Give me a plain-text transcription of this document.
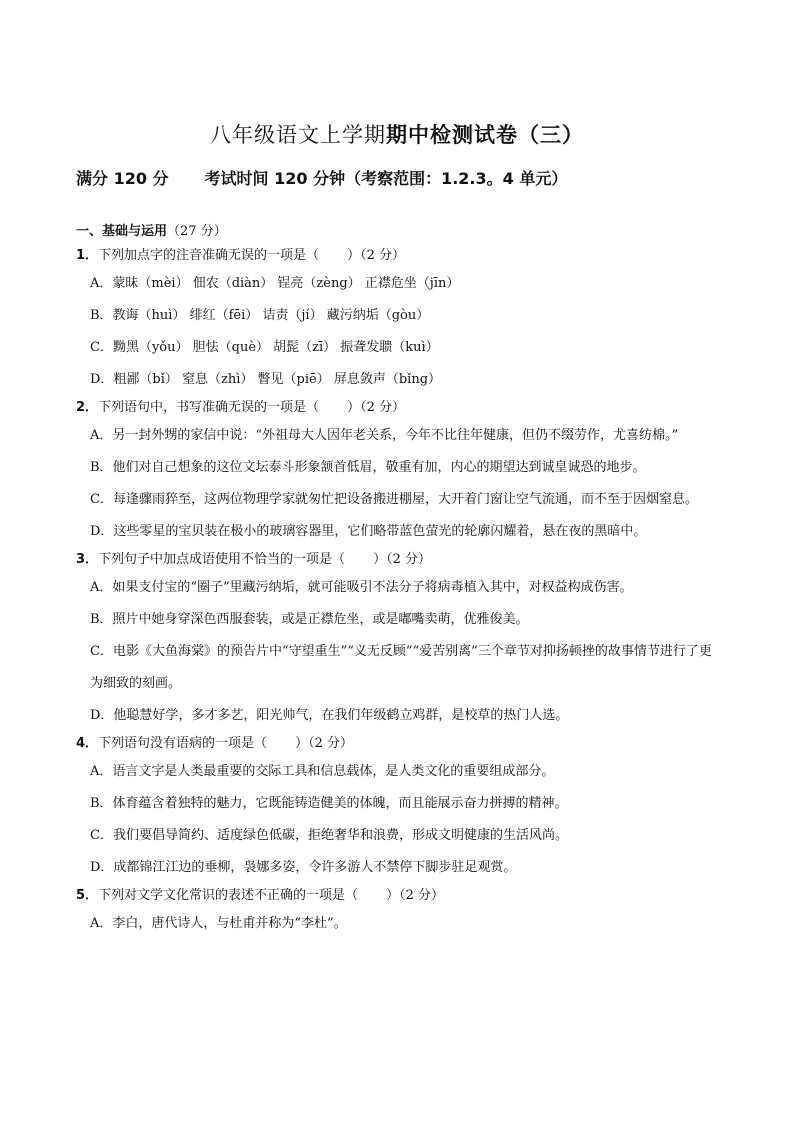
八年级语文上学期期中检测试卷（三）
满分 120 分 考试时间 120 分钟（考察范围：1.2.3。4 单元）
一、基础与运用（27 分）
1．下列加点字的注音准确无误的一项是（ ）（2 分）
A．蒙昧（mèi） 佃农（diàn） 锃亮（zèng） 正襟危坐（jīn）
B．教诲（huì） 绯红（fēi） 诘责（jí） 藏污纳垢（gòu）
C．黝黑（yǒu） 胆怯（què） 胡髭（zī） 振聋发聩（kuì）
D．粗鄙（bǐ） 窒息（zhì） 瞥见（piē） 屏息敛声（bǐng）
2．下列语句中，书写准确无误的一项是（ ）（2 分）
A．另一封外甥的家信中说：“外祖母大人因年老关系，今年不比往年健康，但仍不缀劳作，尤喜纺棉。”
B．他们对自己想象的这位文坛泰斗形象颔首低眉，敬重有加，内心的期望达到诚皇诚恐的地步。
C．每逢骤雨猝至，这两位物理学家就匆忙把设备搬进棚屋，大开着门窗让空气流通，而不至于因烟窒息。
D．这些零星的宝贝装在极小的玻璃容器里，它们略带蓝色萤光的轮廓闪耀着，悬在夜的黑暗中。
3．下列句子中加点成语使用不恰当的一项是（ ）（2 分）
A．如果支付宝的“圈子”里藏污纳垢，就可能吸引不法分子将病毒植入其中，对权益构成伤害。
B．照片中她身穿深色西服套装，或是正襟危坐，或是嘟嘴卖萌，优雅俊美。
C．电影《大鱼海棠》的预告片中“守望重生”“义无反顾”“爱苦别离”三个章节对抑扬顿挫的故事情节进行了更为细致的刻画。
D．他聪慧好学，多才多艺，阳光帅气，在我们年级鹤立鸡群，是校草的热门人选。
4．下列语句没有语病的一项是（ ）（2 分）
A．语言文字是人类最重要的交际工具和信息载体，是人类文化的重要组成部分。
B．体育蕴含着独特的魅力，它既能铸造健美的体魄，而且能展示奋力拼搏的精神。
C．我们要倡导简约、适度绿色低碳，拒绝奢华和浪费，形成文明健康的生活风尚。
D．成都锦江江边的垂柳，袅娜多姿，令许多游人不禁停下脚步驻足观赏。
5．下列对文学文化常识的表述不正确的一项是（ ）（2 分）
A．李白，唐代诗人，与杜甫并称为“李杜”。
